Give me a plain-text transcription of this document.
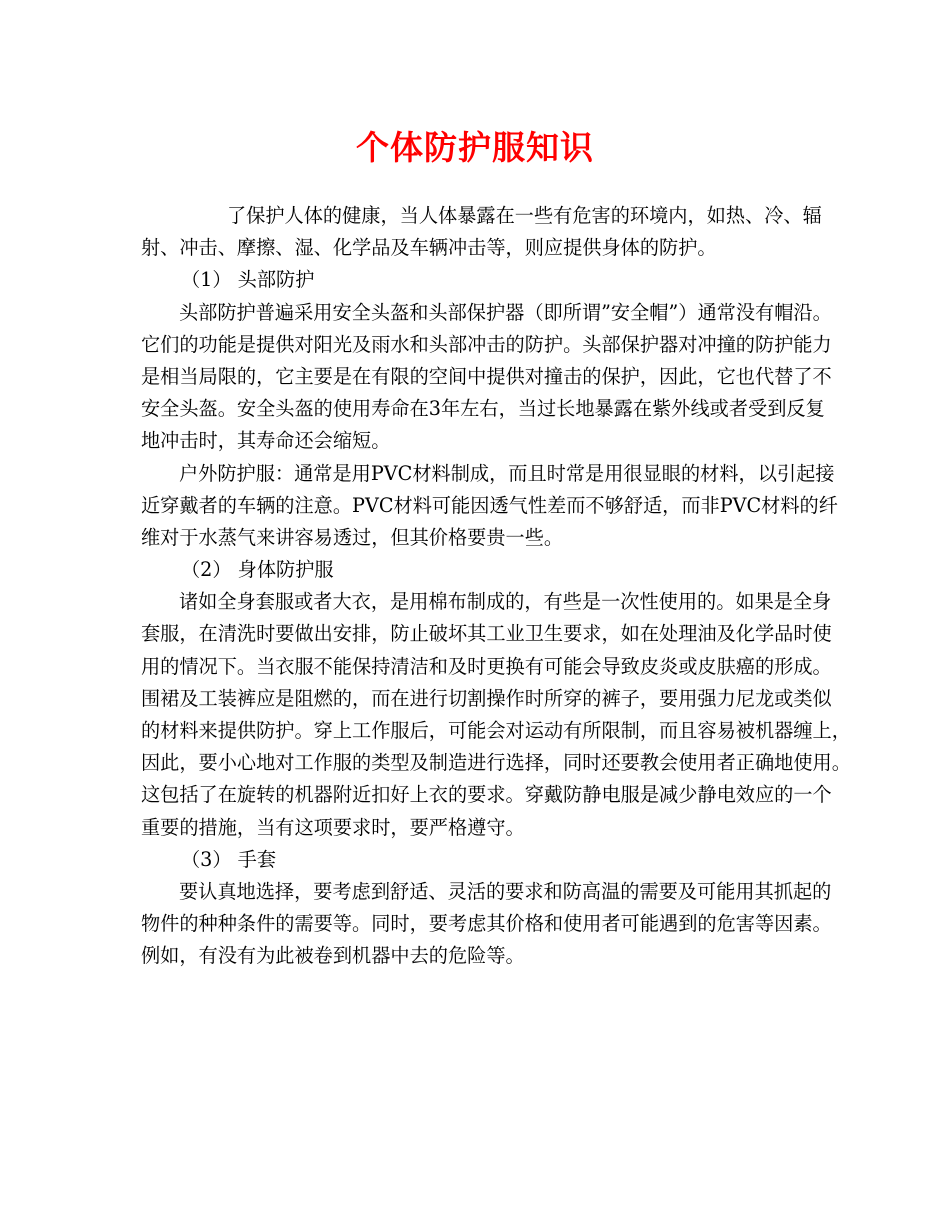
个体防护服知识
了保护人体的健康，当人体暴露在一些有危害的环境内，如热、冷、辐
射、冲击、摩擦、湿、化学品及车辆冲击等，则应提供身体的防护。
（1） 头部防护
头部防护普遍采用安全头盔和头部保护器（即所谓”安全帽”）通常没有帽沿。
它们的功能是提供对阳光及雨水和头部冲击的防护。头部保护器对冲撞的防护能力
是相当局限的，它主要是在有限的空间中提供对撞击的保护，因此，它也代替了不
安全头盔。安全头盔的使用寿命在3年左右，当过长地暴露在紫外线或者受到反复
地冲击时，其寿命还会缩短。
户外防护服：通常是用PVC材料制成，而且时常是用很显眼的材料，以引起接
近穿戴者的车辆的注意。PVC材料可能因透气性差而不够舒适，而非PVC材料的纤
维对于水蒸气来讲容易透过，但其价格要贵一些。
（2） 身体防护服
诸如全身套服或者大衣，是用棉布制成的，有些是一次性使用的。如果是全身
套服，在清洗时要做出安排，防止破坏其工业卫生要求，如在处理油及化学品时使
用的情况下。当衣服不能保持清洁和及时更换有可能会导致皮炎或皮肤癌的形成。
围裙及工装裤应是阻燃的，而在进行切割操作时所穿的裤子，要用强力尼龙或类似
的材料来提供防护。穿上工作服后，可能会对运动有所限制，而且容易被机器缠上，
因此，要小心地对工作服的类型及制造进行选择，同时还要教会使用者正确地使用。
这包括了在旋转的机器附近扣好上衣的要求。穿戴防静电服是减少静电效应的一个
重要的措施，当有这项要求时，要严格遵守。
（3） 手套
要认真地选择，要考虑到舒适、灵活的要求和防高温的需要及可能用其抓起的
物件的种种条件的需要等。同时，要考虑其价格和使用者可能遇到的危害等因素。
例如，有没有为此被卷到机器中去的危险等。
